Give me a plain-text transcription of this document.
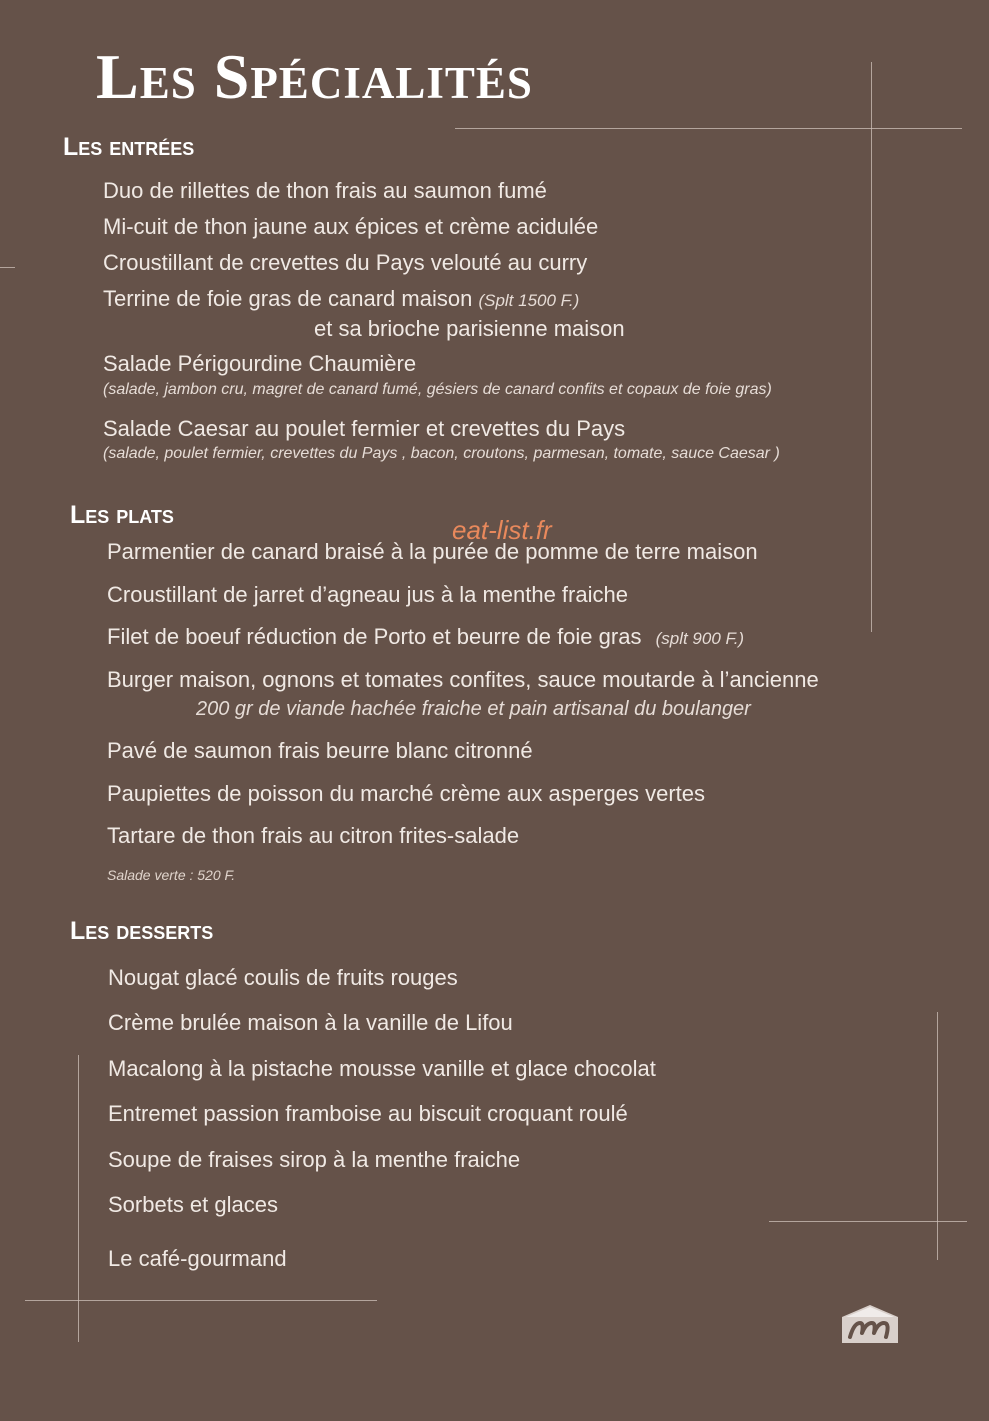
Les Spécialités
Les entrées
Duo de rillettes de thon frais au saumon fumé
Mi-cuit de thon jaune aux épices et crème acidulée
Croustillant de crevettes du Pays velouté au curry
Terrine de foie gras de canard maison (Splt 1500 F.)
et sa brioche parisienne maison
Salade Périgourdine Chaumière
(salade, jambon cru, magret de canard fumé, gésiers de canard confits et copaux de foie gras)
Salade Caesar au poulet fermier et crevettes du Pays
(salade, poulet fermier, crevettes du Pays , bacon, croutons, parmesan, tomate, sauce Caesar )
Les plats	eat-list.fr
Parmentier de canard braisé à la purée de pomme de terre maison
Croustillant de jarret d’agneau jus à la menthe fraiche
Filet de boeuf réduction de Porto et beurre de foie gras (splt 900 F.)
Burger maison, ognons et tomates confites, sauce moutarde à l’ancienne
200 gr de viande hachée fraiche et pain artisanal du boulanger
Pavé de saumon frais beurre blanc citronné
Paupiettes de poisson du marché crème aux asperges vertes
Tartare de thon frais au citron frites-salade
Salade verte : 520 F.
Les desserts
Nougat glacé coulis de fruits rouges
Crème brulée maison à la vanille de Lifou
Macalong à la pistache mousse vanille et glace chocolat
Entremet passion framboise au biscuit croquant roulé
Soupe de fraises sirop à la menthe fraiche
Sorbets et glaces
Le café-gourmand
